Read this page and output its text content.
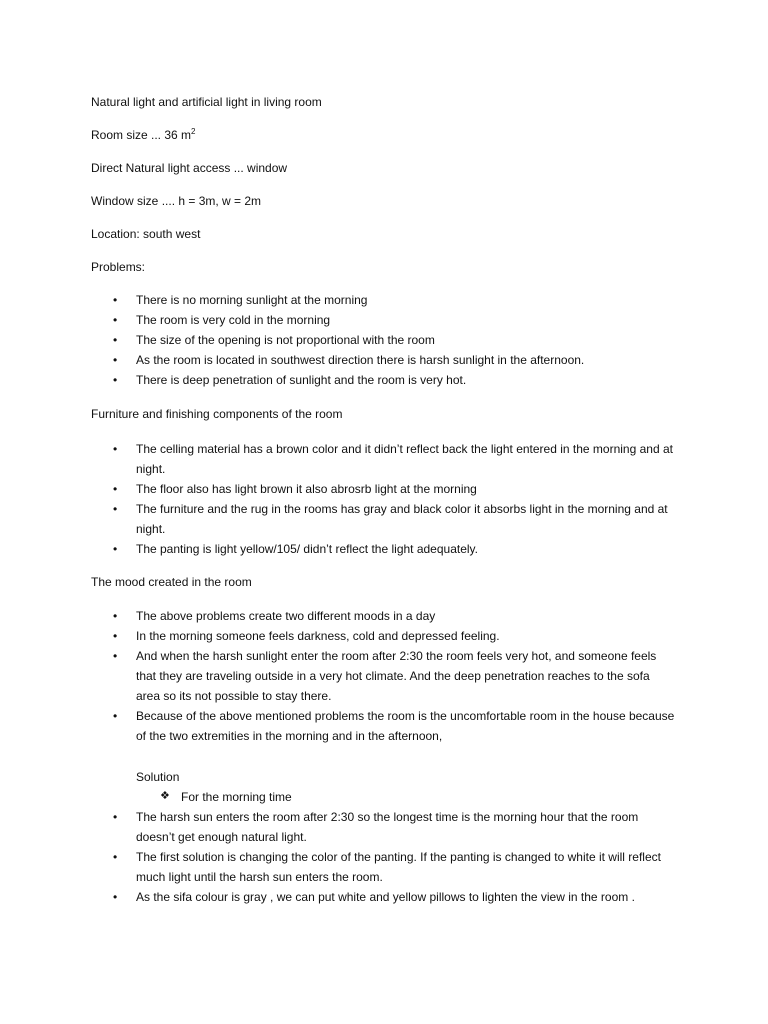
Natural light and artificial light in living room
Room size ... 36 $m^2$
Direct Natural light access ... window
Window size .... h = 3m, w = 2m
Location: south west
Problems:
• There is no morning sunlight at the morning
• The room is very cold in the morning
• The size of the opening is not proportional with the room
• As the room is located in southwest direction there is harsh sunlight in the afternoon.
• There is deep penetration of sunlight and the room is very hot.
Furniture and finishing components of the room
• The celling material has a brown color and it didn’t reflect back the light entered in the morning and at night.
• The floor also has light brown it also abrosrb light at the morning
• The furniture and the rug in the rooms has gray and black color it absorbs light in the morning and at night.
• The panting is light yellow/105/ didn’t reflect the light adequately.
The mood created in the room
• The above problems create two different moods in a day
• In the morning someone feels darkness, cold and depressed feeling.
• And when the harsh sunlight enter the room after 2:30 the room feels very hot, and someone feels that they are traveling outside in a very hot climate. And the deep penetration reaches to the sofa area so its not possible to stay there.
• Because of the above mentioned problems the room is the uncomfortable room in the house because of the two extremities in the morning and in the afternoon,
Solution
❖ For the morning time
• The harsh sun enters the room after 2:30 so the longest time is the morning hour that the room doesn’t get enough natural light.
• The first solution is changing the color of the panting. If the panting is changed to white it will reflect much light until the harsh sun enters the room.
• As the sifa colour is gray , we can put white and yellow pillows to lighten the view in the room .
